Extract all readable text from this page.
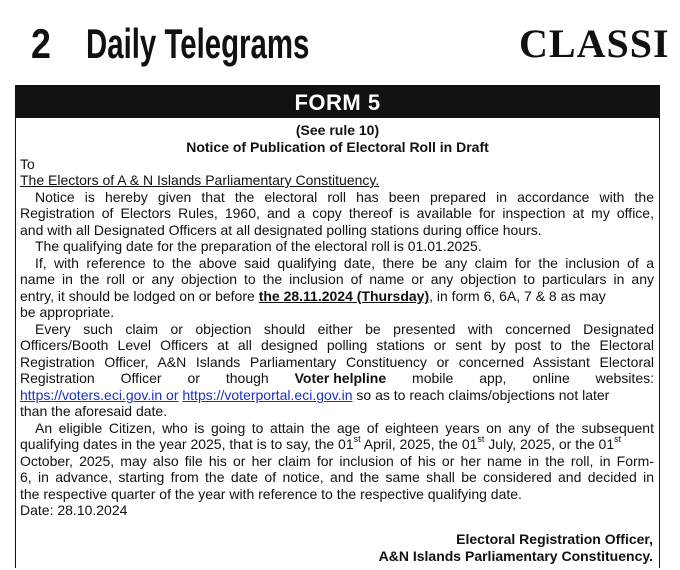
2 Daily Telegrams	CLASSI
FORM 5
(See rule 10)
Notice of Publication of Electoral Roll in Draft
To
The Electors of A & N Islands Parliamentary Constituency.
Notice is hereby given that the electoral roll has been prepared in accordance with the
Registration of Electors Rules, 1960, and a copy thereof is available for inspection at my office,
and with all Designated Officers at all designated polling stations during office hours.
The qualifying date for the preparation of the electoral roll is 01.01.2025.
If, with reference to the above said qualifying date, there be any claim for the inclusion of a
name in the roll or any objection to the inclusion of name or any objection to particulars in any
entry, it should be lodged on or before the 28.11.2024 (Thursday), in form 6, 6A, 7 & 8 as may
be appropriate.
Every such claim or objection should either be presented with concerned Designated
Officers/Booth Level Officers at all designed polling stations or sent by post to the Electoral
Registration Officer, A&N Islands Parliamentary Constituency or concerned Assistant Electoral
Registration Officer or though Voter helpline mobile app, online websites:
https://voters.eci.gov.in or https://voterportal.eci.gov.in so as to reach claims/objections not later
than the aforesaid date.
An eligible Citizen, who is going to attain the age of eighteen years on any of the subsequent
qualifying dates in the year 2025, that is to say, the 01st April, 2025, the 01st July, 2025, or the 01st
October, 2025, may also file his or her claim for inclusion of his or her name in the roll, in Form-
6, in advance, starting from the date of notice, and the same shall be considered and decided in
the respective quarter of the year with reference to the respective qualifying date.
Date: 28.10.2024
Electoral Registration Officer,
A&N Islands Parliamentary Constituency.
